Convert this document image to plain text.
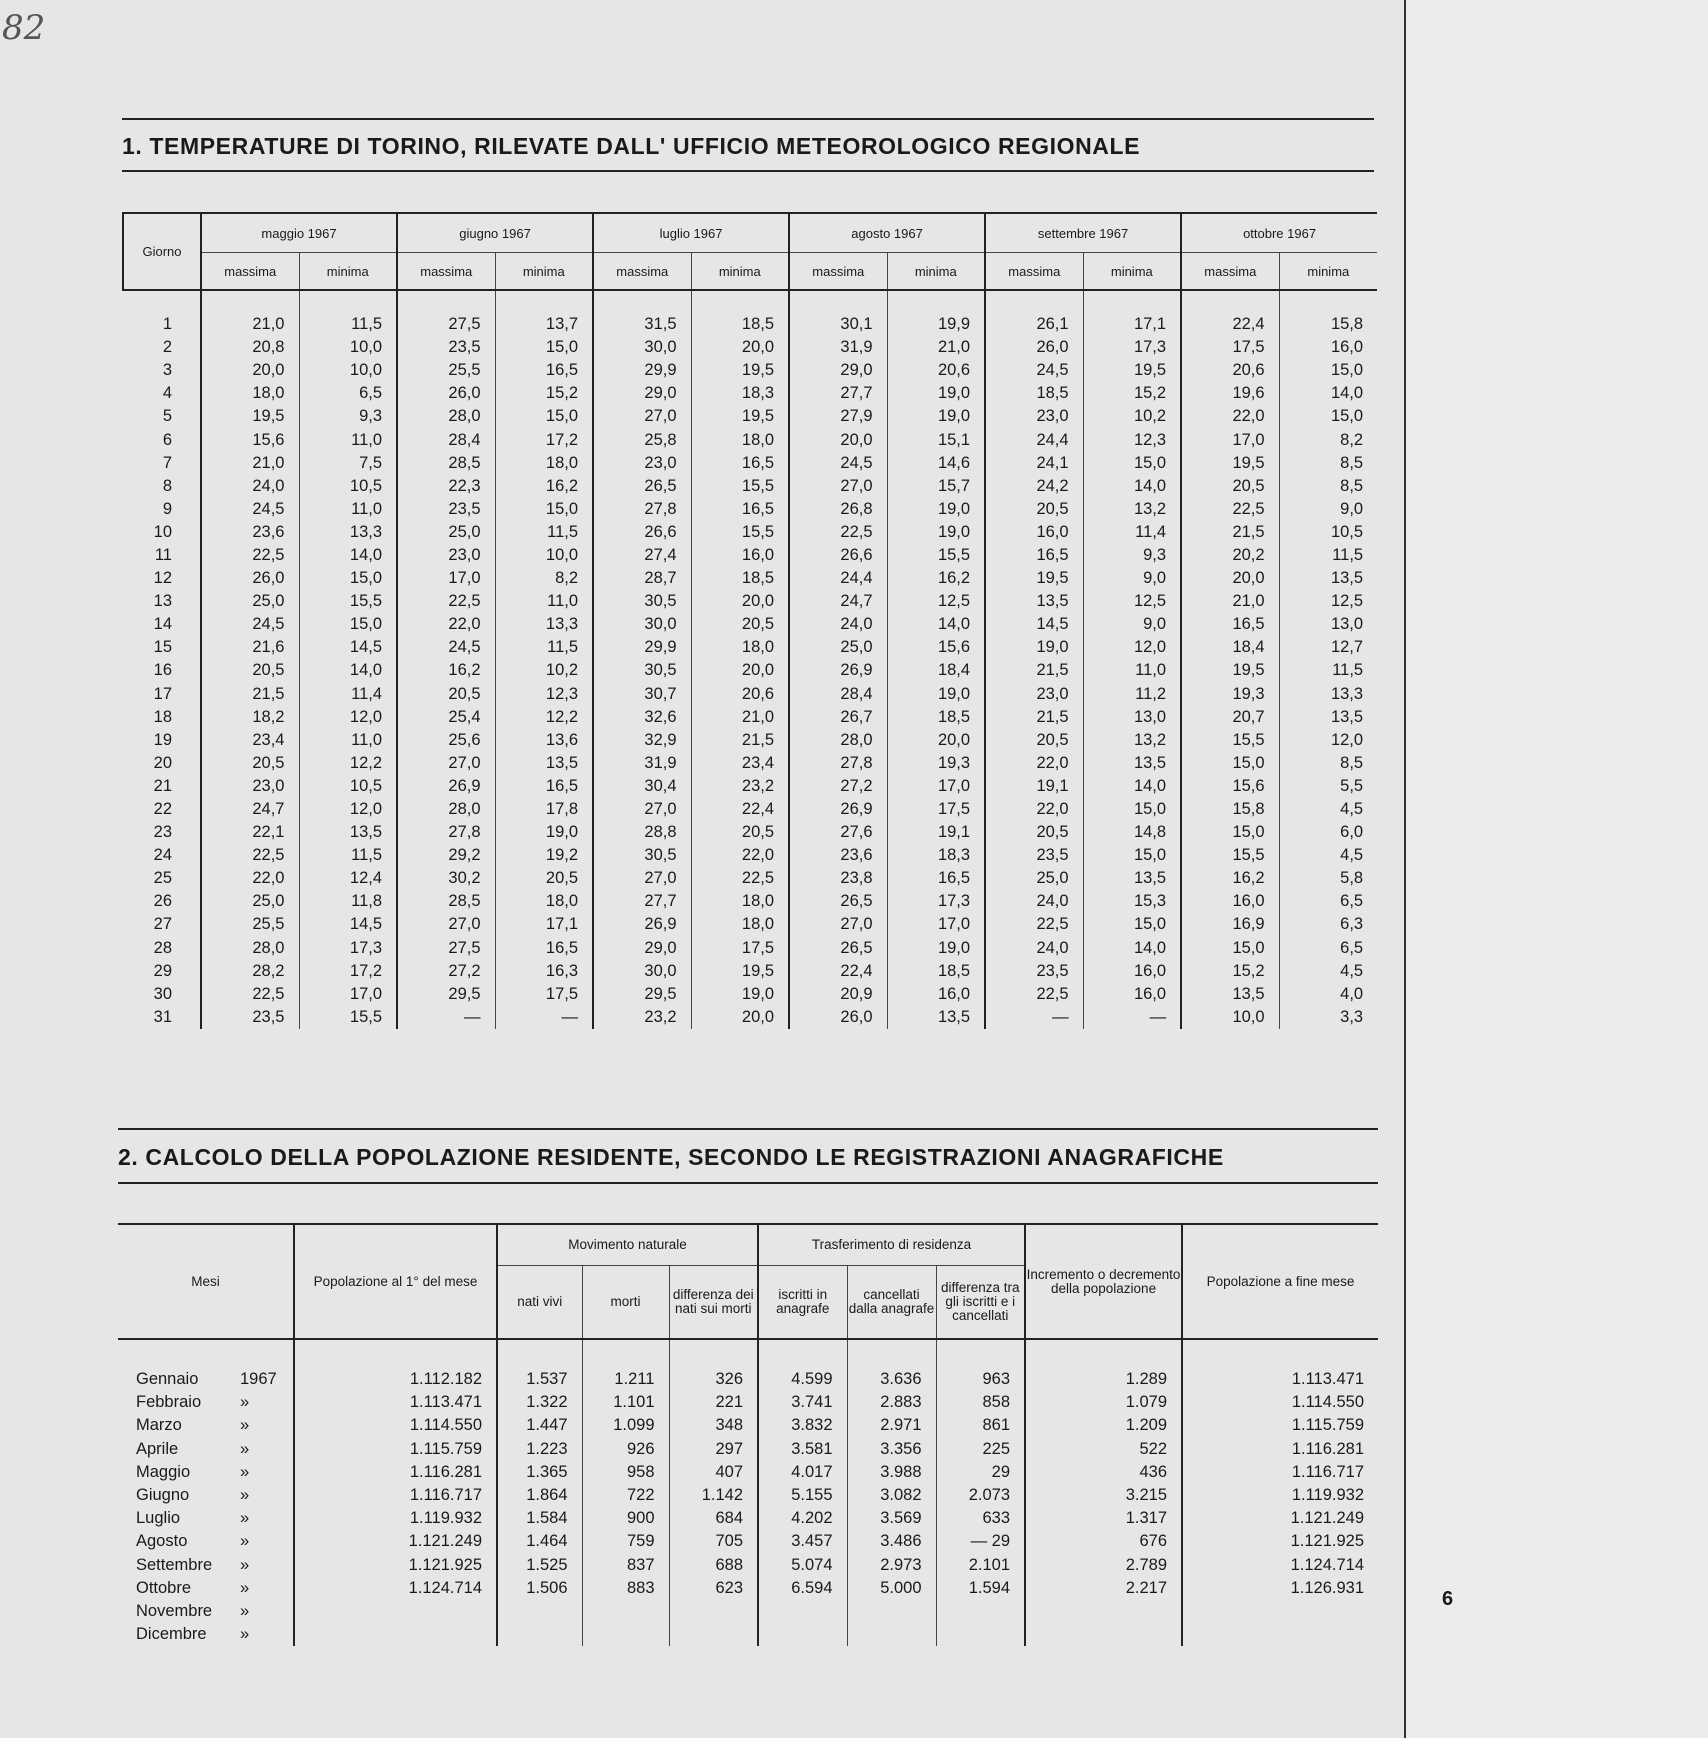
82
1. TEMPERATURE DI TORINO, RILEVATE DALL' UFFICIO METEOROLOGICO REGIONALE
Giorno	maggio 1967		giugno 1967		luglio 1967		agosto 1967		settembre 1967		ottobre 1967	
	massima	minima	massima	minima	massima	minima	massima	minima	massima	minima	massima	minima
1	21,0	11,5	27,5	13,7	31,5	18,5	30,1	19,9	26,1	17,1	22,4	15,8
2	20,8	10,0	23,5	15,0	30,0	20,0	31,9	21,0	26,0	17,3	17,5	16,0
3	20,0	10,0	25,5	16,5	29,9	19,5	29,0	20,6	24,5	19,5	20,6	15,0
4	18,0	6,5	26,0	15,2	29,0	18,3	27,7	19,0	18,5	15,2	19,6	14,0
5	19,5	9,3	28,0	15,0	27,0	19,5	27,9	19,0	23,0	10,2	22,0	15,0
6	15,6	11,0	28,4	17,2	25,8	18,0	20,0	15,1	24,4	12,3	17,0	8,2
7	21,0	7,5	28,5	18,0	23,0	16,5	24,5	14,6	24,1	15,0	19,5	8,5
8	24,0	10,5	22,3	16,2	26,5	15,5	27,0	15,7	24,2	14,0	20,5	8,5
9	24,5	11,0	23,5	15,0	27,8	16,5	26,8	19,0	20,5	13,2	22,5	9,0
10	23,6	13,3	25,0	11,5	26,6	15,5	22,5	19,0	16,0	11,4	21,5	10,5
11	22,5	14,0	23,0	10,0	27,4	16,0	26,6	15,5	16,5	9,3	20,2	11,5
12	26,0	15,0	17,0	8,2	28,7	18,5	24,4	16,2	19,5	9,0	20,0	13,5
13	25,0	15,5	22,5	11,0	30,5	20,0	24,7	12,5	13,5	12,5	21,0	12,5
14	24,5	15,0	22,0	13,3	30,0	20,5	24,0	14,0	14,5	9,0	16,5	13,0
15	21,6	14,5	24,5	11,5	29,9	18,0	25,0	15,6	19,0	12,0	18,4	12,7
16	20,5	14,0	16,2	10,2	30,5	20,0	26,9	18,4	21,5	11,0	19,5	11,5
17	21,5	11,4	20,5	12,3	30,7	20,6	28,4	19,0	23,0	11,2	19,3	13,3
18	18,2	12,0	25,4	12,2	32,6	21,0	26,7	18,5	21,5	13,0	20,7	13,5
19	23,4	11,0	25,6	13,6	32,9	21,5	28,0	20,0	20,5	13,2	15,5	12,0
20	20,5	12,2	27,0	13,5	31,9	23,4	27,8	19,3	22,0	13,5	15,0	8,5
21	23,0	10,5	26,9	16,5	30,4	23,2	27,2	17,0	19,1	14,0	15,6	5,5
22	24,7	12,0	28,0	17,8	27,0	22,4	26,9	17,5	22,0	15,0	15,8	4,5
23	22,1	13,5	27,8	19,0	28,8	20,5	27,6	19,1	20,5	14,8	15,0	6,0
24	22,5	11,5	29,2	19,2	30,5	22,0	23,6	18,3	23,5	15,0	15,5	4,5
25	22,0	12,4	30,2	20,5	27,0	22,5	23,8	16,5	25,0	13,5	16,2	5,8
26	25,0	11,8	28,5	18,0	27,7	18,0	26,5	17,3	24,0	15,3	16,0	6,5
27	25,5	14,5	27,0	17,1	26,9	18,0	27,0	17,0	22,5	15,0	16,9	6,3
28	28,0	17,3	27,5	16,5	29,0	17,5	26,5	19,0	24,0	14,0	15,0	6,5
29	28,2	17,2	27,2	16,3	30,0	19,5	22,4	18,5	23,5	16,0	15,2	4,5
30	22,5	17,0	29,5	17,5	29,5	19,0	20,9	16,0	22,5	16,0	13,5	4,0
31	23,5	15,5	—	—	23,2	20,0	26,0	13,5	—	—	10,0	3,3
2. CALCOLO DELLA POPOLAZIONE RESIDENTE, SECONDO LE REGISTRAZIONI ANAGRAFICHE
Mesi	Popolazione al 1° del mese	Movimento naturale			Trasferimento di residenza			Incremento o decremento della popolazione	Popolazione a fine mese
		nati vivi	morti	differenza dei nati sui morti	iscritti in anagrafe	cancellati dalla anagrafe	differenza tra gli iscritti e i cancellati		
Gennaio 1967	1.112.182	1.537	1.211	326	4.599	3.636	963	1.289	1.113.471
Febbraio »	1.113.471	1.322	1.101	221	3.741	2.883	858	1.079	1.114.550
Marzo »	1.114.550	1.447	1.099	348	3.832	2.971	861	1.209	1.115.759
Aprile »	1.115.759	1.223	926	297	3.581	3.356	225	522	1.116.281
Maggio »	1.116.281	1.365	958	407	4.017	3.988	29	436	1.116.717
Giugno »	1.116.717	1.864	722	1.142	5.155	3.082	2.073	3.215	1.119.932
Luglio »	1.119.932	1.584	900	684	4.202	3.569	633	1.317	1.121.249
Agosto »	1.121.249	1.464	759	705	3.457	3.486	— 29	676	1.121.925
Settembre »	1.121.925	1.525	837	688	5.074	2.973	2.101	2.789	1.124.714
Ottobre »	1.124.714	1.506	883	623	6.594	5.000	1.594	2.217	1.126.931
Novembre »									
Dicembre »									
6
